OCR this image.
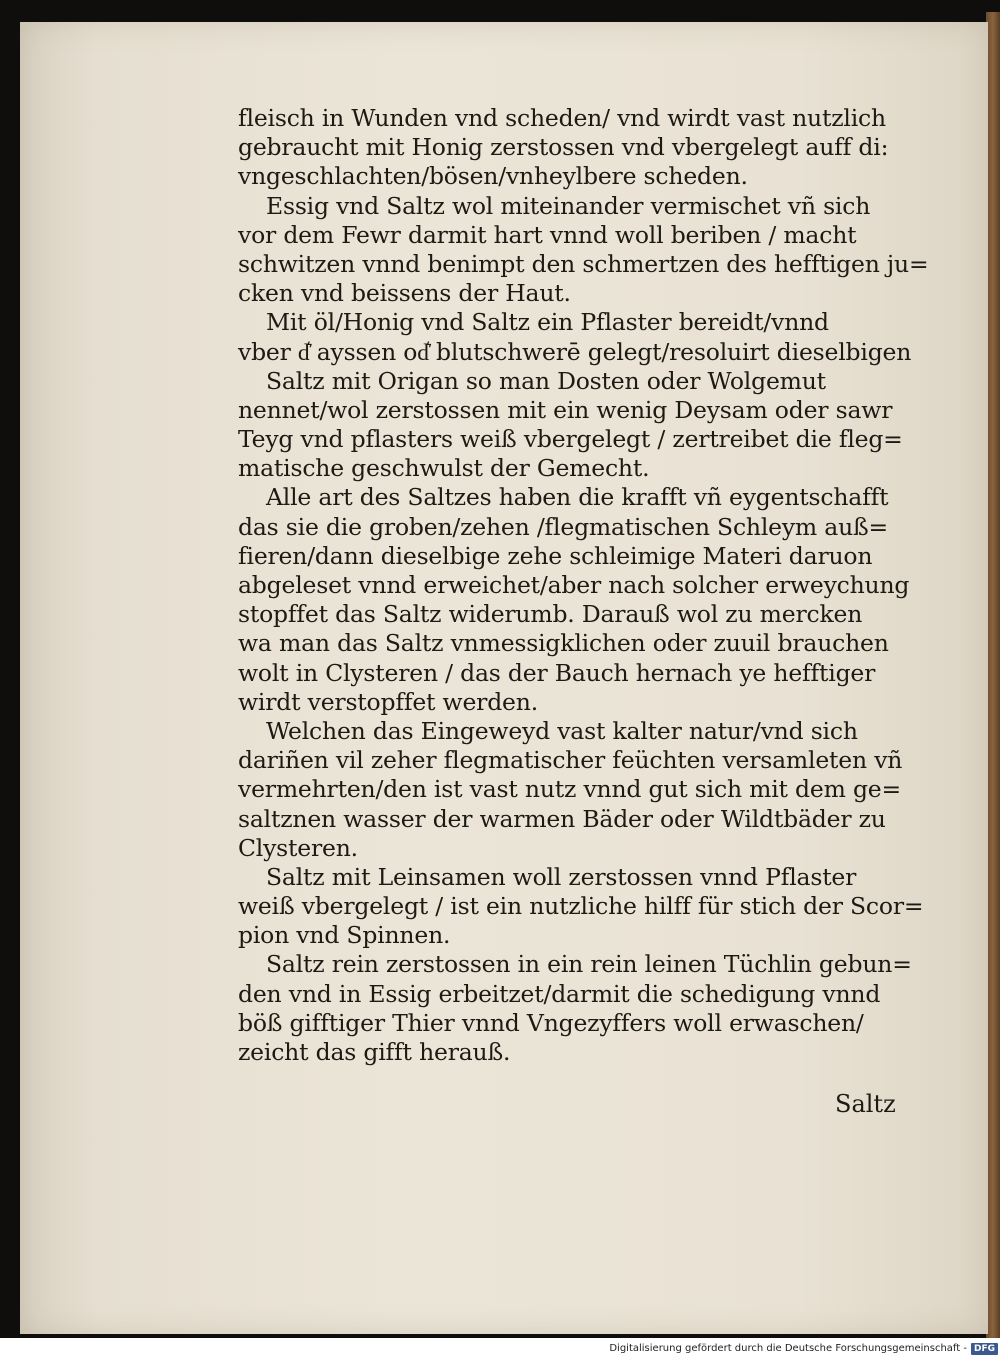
fleisch in Wunden vnd scheden/ vnd wirdt vast nutzlich
gebraucht mit Honig zerstossen vnd vbergelegt auff di:
vngeschlachten/bösen/vnheylbere scheden.
Essig vnd Saltz wol miteinander vermischet vñ sich
vor dem Fewr darmit hart vnnd woll beriben / macht
schwitzen vnnd benimpt den schmertzen des hefftigen ju=
cken vnd beissens der Haut.
Mit öl/Honig vnd Saltz ein Pflaster bereidt/vnnd
vber d͛ ayssen od͛ blutschwerē gelegt/resoluirt dieselbigen
Saltz mit Origan so man Dosten oder Wolgemut
nennet/wol zerstossen mit ein wenig Deysam oder sawr
Teyg vnd pflasters weiß vbergelegt / zertreibet die fleg=
matische geschwulst der Gemecht.
Alle art des Saltzes haben die krafft vñ eygentschafft
das sie die groben/zehen /flegmatischen Schleym auß=
fieren/dann dieselbige zehe schleimige Materi daruon
abgeleset vnnd erweichet/aber nach solcher erweychung
stopffet das Saltz widerumb. Darauß wol zu mercken
wa man das Saltz vnmessigklichen oder zuuil brauchen
wolt in Clysteren / das der Bauch hernach ye hefftiger
wirdt verstopffet werden.
Welchen das Eingeweyd vast kalter natur/vnd sich
dariñen vil zeher flegmatischer feüchten versamleten vñ
vermehrten/den ist vast nutz vnnd gut sich mit dem ge=
saltznen wasser der warmen Bäder oder Wildtbäder zu
Clysteren.
Saltz mit Leinsamen woll zerstossen vnnd Pflaster
weiß vbergelegt / ist ein nutzliche hilff für stich der Scor=
pion vnd Spinnen.
Saltz rein zerstossen in ein rein leinen Tüchlin gebun=
den vnd in Essig erbeitzet/darmit die schedigung vnnd
böß gifftiger Thier vnnd Vngezyffers woll erwaschen/
zeicht das gifft herauß.
Saltz
Digitalisierung gefördert durch die Deutsche Forschungsgemeinschaft - DFG
